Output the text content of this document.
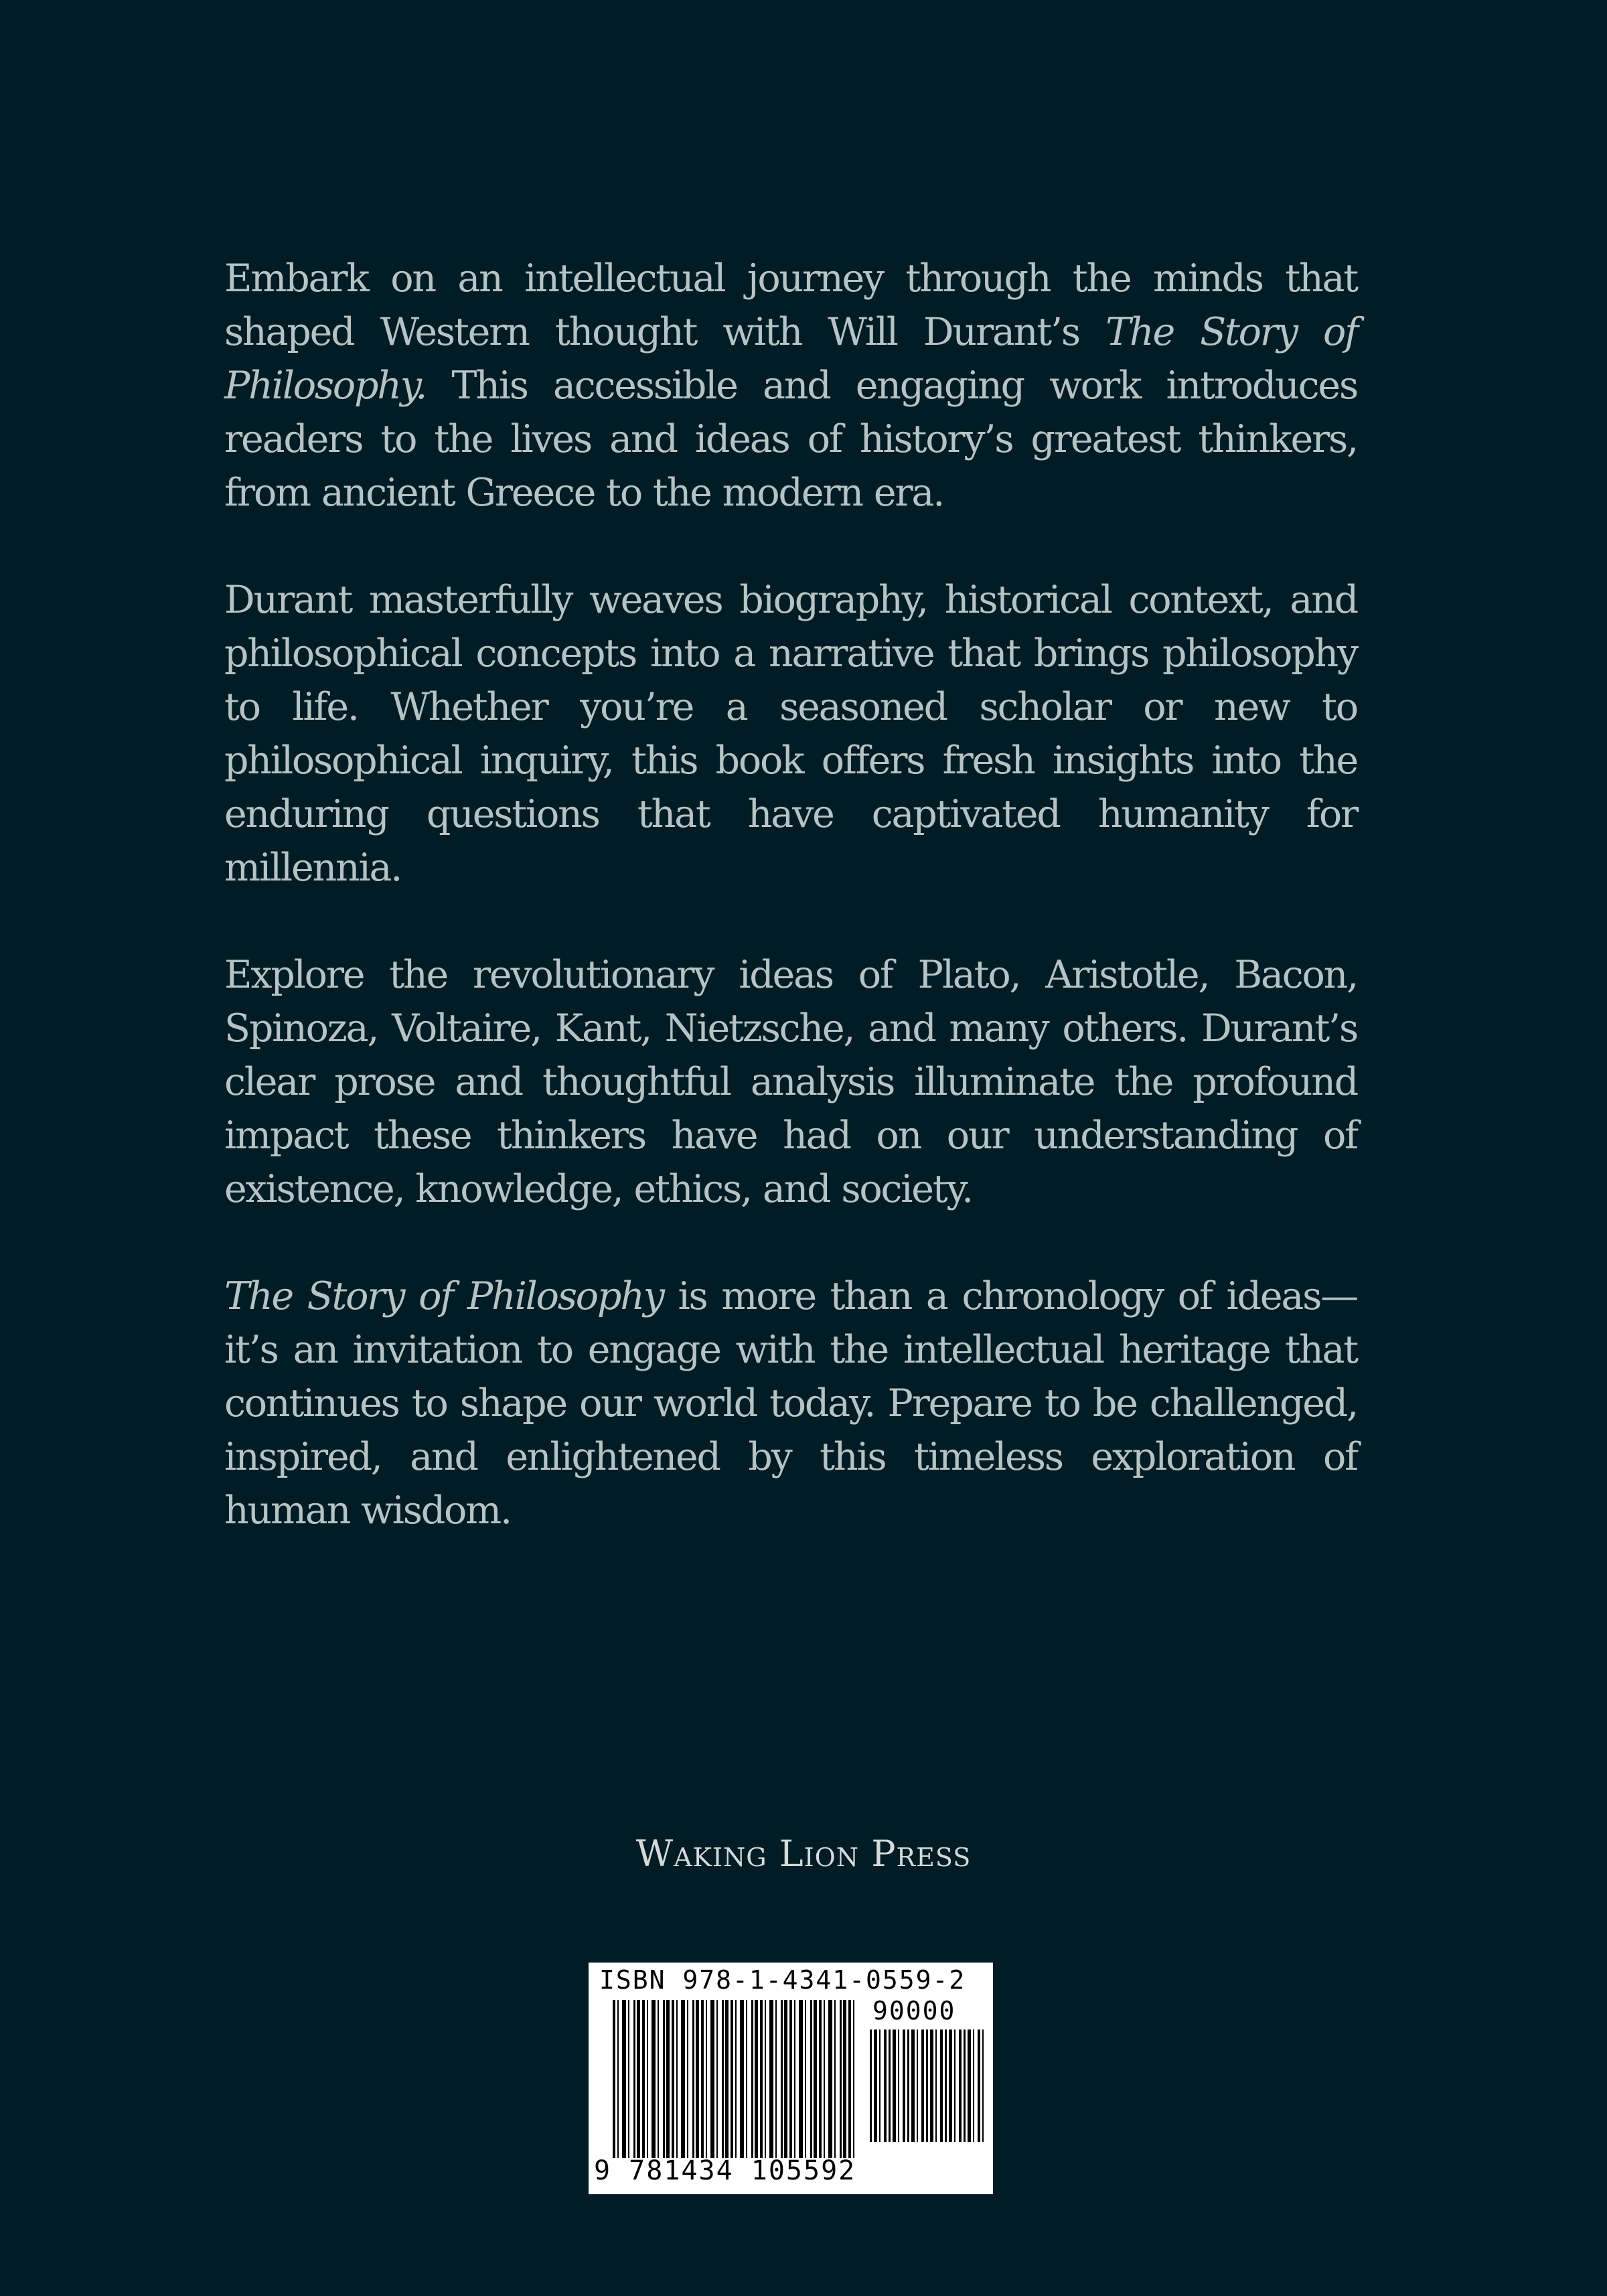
Embark on an intellectual journey through the minds that shaped Western thought with Will Durant’s The Story of Philosophy. This accessible and engaging work introduces readers to the lives and ideas of history’s greatest thinkers, from ancient Greece to the modern era.

Durant masterfully weaves biography, historical context, and philosophical concepts into a narrative that brings philosophy to life. Whether you’re a seasoned scholar or new to philosophical inquiry, this book offers fresh insights into the enduring questions that have captivated humanity for millennia.

Explore the revolutionary ideas of Plato, Aristotle, Bacon, Spinoza, Voltaire, Kant, Nietzsche, and many others. Durant’s clear prose and thoughtful analysis illuminate the profound impact these thinkers have had on our understanding of existence, knowledge, ethics, and society.

The Story of Philosophy is more than a chronology of ideas—it’s an invitation to engage with the intellectual heritage that continues to shape our world today. Prepare to be challenged, inspired, and enlightened by this timeless exploration of human wisdom.

Waking Lion Press
ISBN 978-1-4341-0559-2
90000
9 781434 105592
